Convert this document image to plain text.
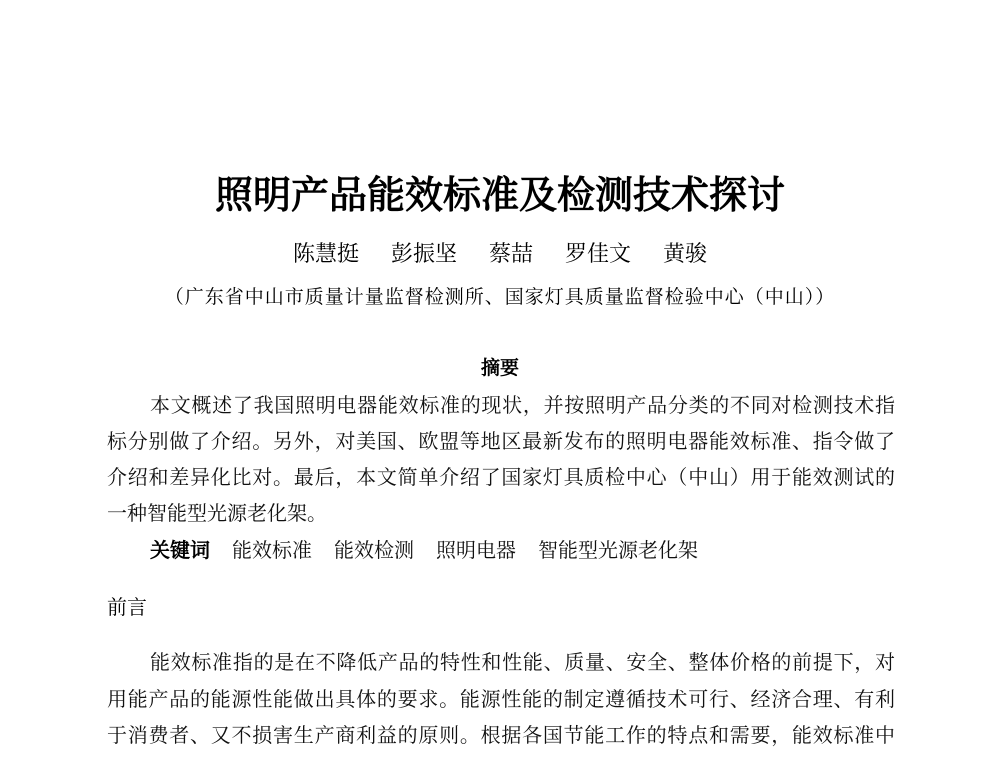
照明产品能效标准及检测技术探讨
陈慧挺 彭振坚 蔡喆 罗佳文 黄骏
（广东省中山市质量计量监督检测所、国家灯具质量监督检验中心（中山））
摘要
本文概述了我国照明电器能效标准的现状，并按照明产品分类的不同对检测技术指
标分别做了介绍。另外，对美国、欧盟等地区最新发布的照明电器能效标准、指令做了
介绍和差异化比对。最后，本文简单介绍了国家灯具质检中心（中山）用于能效测试的
一种智能型光源老化架。
关键词 能效标准 能效检测 照明电器 智能型光源老化架
前言
能效标准指的是在不降低产品的特性和性能、质量、安全、整体价格的前提下，对
用能产品的能源性能做出具体的要求。能源性能的制定遵循技术可行、经济合理、有利
于消费者、又不损害生产商利益的原则。根据各国节能工作的特点和需要，能效标准中
